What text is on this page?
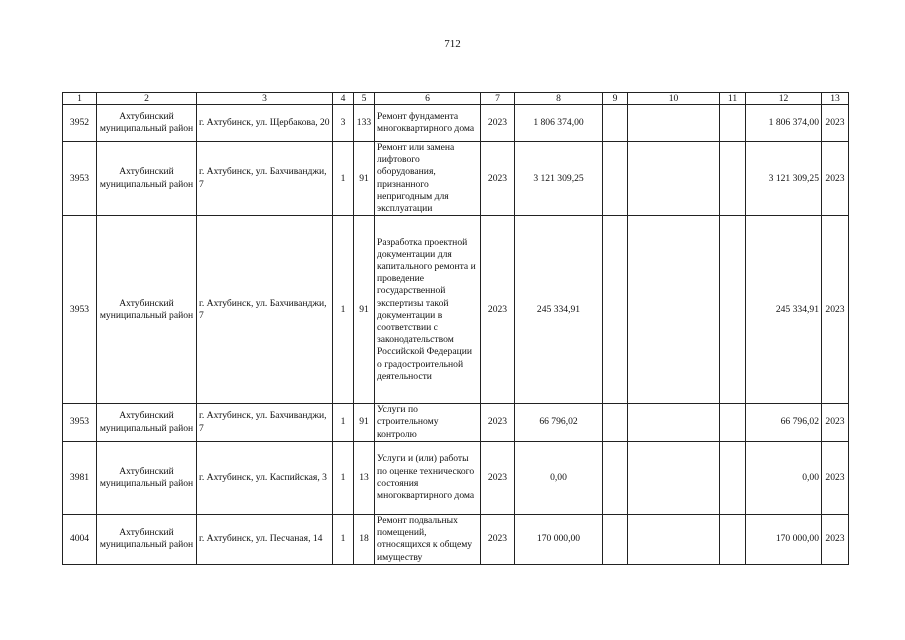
712
1	2	3	4	5	6	7	8	9	10	11	12	13
3952	Ахтубинский муниципальный район	г. Ахтубинск, ул. Щербакова, 20	3	133	Ремонт фундамента многоквартирного дома	2023	1 806 374,00				1 806 374,00	2023
3953	Ахтубинский муниципальный район	г. Ахтубинск, ул. Бахчиванджи, 7	1	91	Ремонт или замена лифтового оборудования, признанного непригодным для эксплуатации	2023	3 121 309,25				3 121 309,25	2023
3953	Ахтубинский муниципальный район	г. Ахтубинск, ул. Бахчиванджи, 7	1	91	Разработка проектной документации для капитального ремонта и проведение государственной экспертизы такой документации в соответствии с законодательством Российской Федерации о градостроительной деятельности	2023	245 334,91				245 334,91	2023
3953	Ахтубинский муниципальный район	г. Ахтубинск, ул. Бахчиванджи, 7	1	91	Услуги по строительному контролю	2023	66 796,02				66 796,02	2023
3981	Ахтубинский муниципальный район	г. Ахтубинск, ул. Каспийская, 3	1	13	Услуги и (или) работы по оценке технического состояния многоквартирного дома	2023	0,00				0,00	2023
4004	Ахтубинский муниципальный район	г. Ахтубинск, ул. Песчаная, 14	1	18	Ремонт подвальных помещений, относящихся к общему имуществу	2023	170 000,00				170 000,00	2023
